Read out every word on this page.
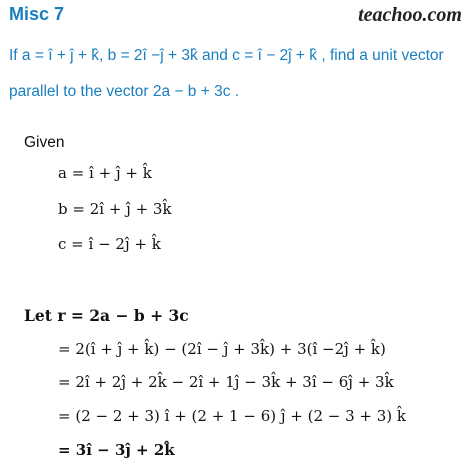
Misc 7	teachoo.com
If a = î + ĵ + k̂, b = 2î −ĵ + 3k̂ and c = î − 2ĵ + k̂ , find a unit vector
parallel to the vector 2a − b + 3c .
Given
a = î + ĵ + k̂
b = 2î + ĵ + 3k̂
c = î − 2ĵ + k̂
Let r = 2a − b + 3c
= 2(î + ĵ + k̂) − (2î − ĵ + 3k̂) + 3(î −2ĵ + k̂)
= 2î + 2ĵ + 2k̂ − 2î + 1ĵ − 3k̂ + 3î − 6ĵ + 3k̂
= (2 − 2 + 3) î + (2 + 1 − 6) ĵ + (2 − 3 + 3) k̂
= 3î − 3ĵ + 2k̂
